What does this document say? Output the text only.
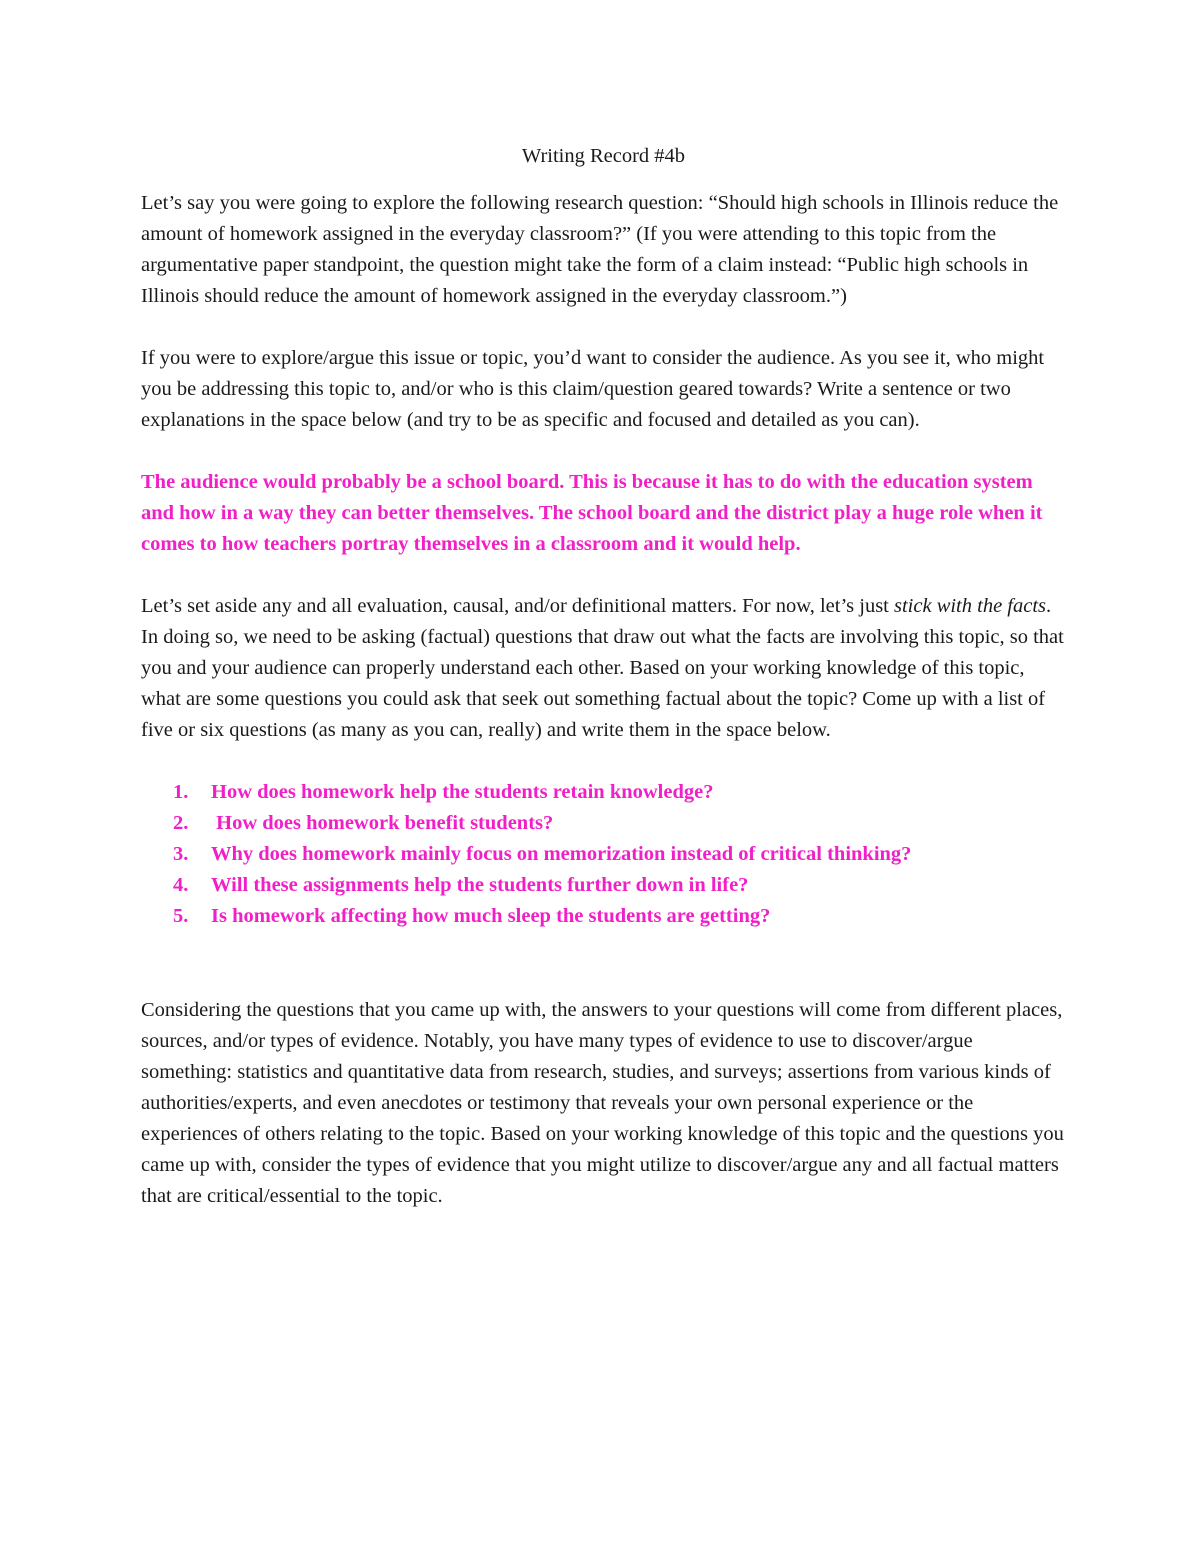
Writing Record #4b

Let’s say you were going to explore the following research question: “Should high schools in Illinois reduce the amount of homework assigned in the everyday classroom?” (If you were attending to this topic from the argumentative paper standpoint, the question might take the form of a claim instead: “Public high schools in Illinois should reduce the amount of homework assigned in the everyday classroom.”)

If you were to explore/argue this issue or topic, you’d want to consider the audience. As you see it, who might you be addressing this topic to, and/or who is this claim/question geared towards? Write a sentence or two explanations in the space below (and try to be as specific and focused and detailed as you can).

The audience would probably be a school board. This is because it has to do with the education system and how in a way they can better themselves. The school board and the district play a huge role when it comes to how teachers portray themselves in a classroom and it would help.

Let’s set aside any and all evaluation, causal, and/or definitional matters. For now, let’s just stick with the facts. In doing so, we need to be asking (factual) questions that draw out what the facts are involving this topic, so that you and your audience can properly understand each other. Based on your working knowledge of this topic, what are some questions you could ask that seek out something factual about the topic? Come up with a list of five or six questions (as many as you can, really) and write them in the space below.

1.	How does homework help the students retain knowledge?
2.	How does homework benefit students?
3.	Why does homework mainly focus on memorization instead of critical thinking?
4.	Will these assignments help the students further down in life?
5.	Is homework affecting how much sleep the students are getting?

Considering the questions that you came up with, the answers to your questions will come from different places, sources, and/or types of evidence. Notably, you have many types of evidence to use to discover/argue something: statistics and quantitative data from research, studies, and surveys; assertions from various kinds of authorities/experts, and even anecdotes or testimony that reveals your own personal experience or the experiences of others relating to the topic. Based on your working knowledge of this topic and the questions you came up with, consider the types of evidence that you might utilize to discover/argue any and all factual matters that are critical/essential to the topic.
